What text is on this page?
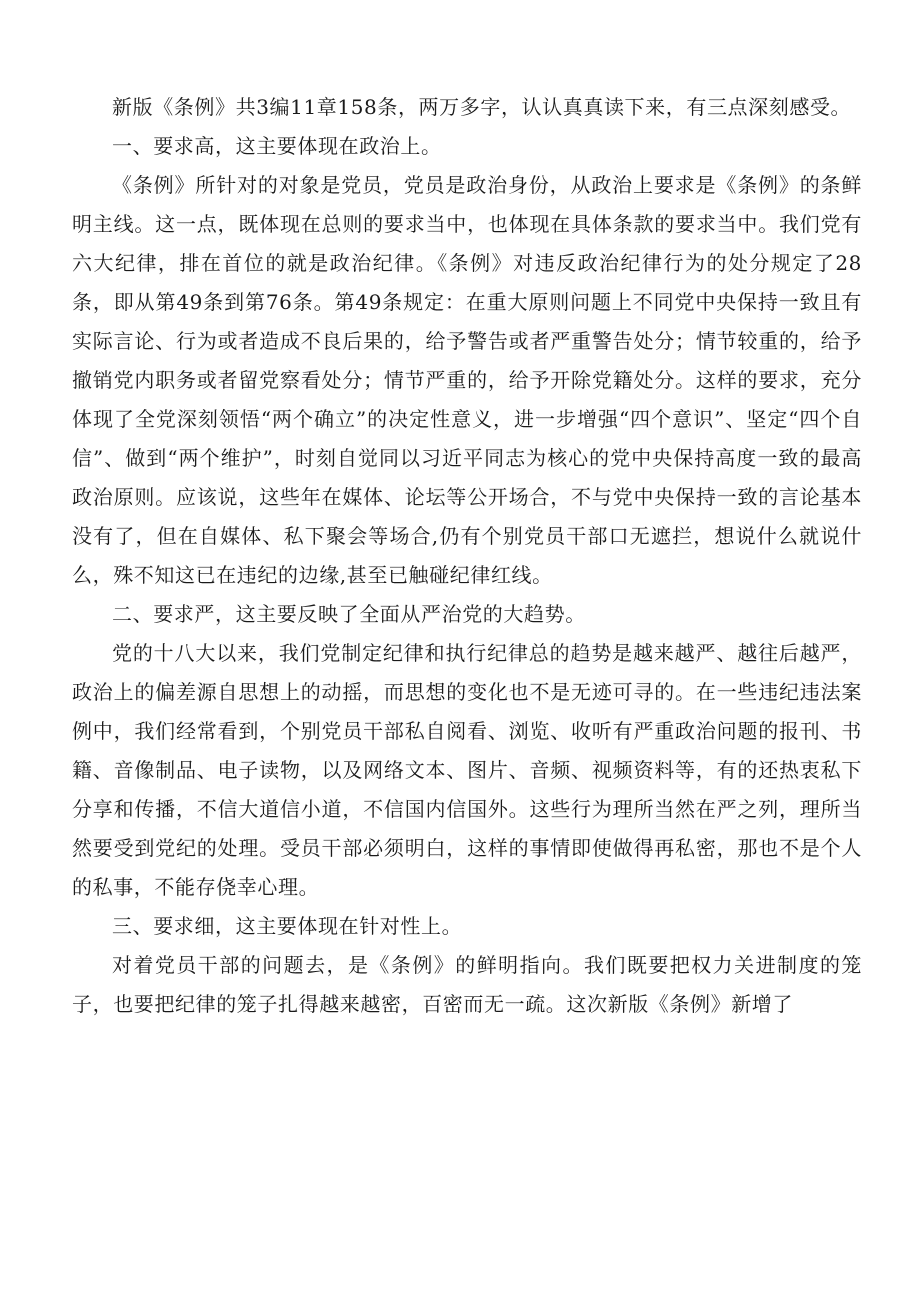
新版《条例》共3编11章158条，两万多字，认认真真读下来，有三点深刻感受。

一、要求高，这主要体现在政治上。

《条例》所针对的对象是党员，党员是政治身份，从政治上要求是《条例》的条鲜明主线。这一点，既体现在总则的要求当中，也体现在具体条款的要求当中。我们党有六大纪律，排在首位的就是政治纪律。《条例》对违反政治纪律行为的处分规定了28条，即从第49条到第76条。第49条规定：在重大原则问题上不同党中央保持一致且有实际言论、行为或者造成不良后果的，给予警告或者严重警告处分；情节较重的，给予撤销党内职务或者留党察看处分；情节严重的，给予开除党籍处分。这样的要求，充分体现了全党深刻领悟“两个确立”的决定性意义，进一步增强“四个意识”、坚定“四个自信”、做到“两个维护”，时刻自觉同以习近平同志为核心的党中央保持高度一致的最高政治原则。应该说，这些年在媒体、论坛等公开场合，不与党中央保持一致的言论基本没有了，但在自媒体、私下聚会等场合,仍有个别党员干部口无遮拦，想说什么就说什么，殊不知这已在违纪的边缘,甚至已触碰纪律红线。

二、要求严，这主要反映了全面从严治党的大趋势。

党的十八大以来，我们党制定纪律和执行纪律总的趋势是越来越严、越往后越严，政治上的偏差源自思想上的动摇，而思想的变化也不是无迹可寻的。在一些违纪违法案例中，我们经常看到，个别党员干部私自阅看、浏览、收听有严重政治问题的报刊、书籍、音像制品、电子读物，以及网络文本、图片、音频、视频资料等，有的还热衷私下分享和传播，不信大道信小道，不信国内信国外。这些行为理所当然在严之列，理所当然要受到党纪的处理。受员干部必须明白，这样的事情即使做得再私密，那也不是个人的私事，不能存侥幸心理。

三、要求细，这主要体现在针对性上。

对着党员干部的问题去，是《条例》的鲜明指向。我们既要把权力关进制度的笼子，也要把纪律的笼子扎得越来越密，百密而无一疏。这次新版《条例》新增了
